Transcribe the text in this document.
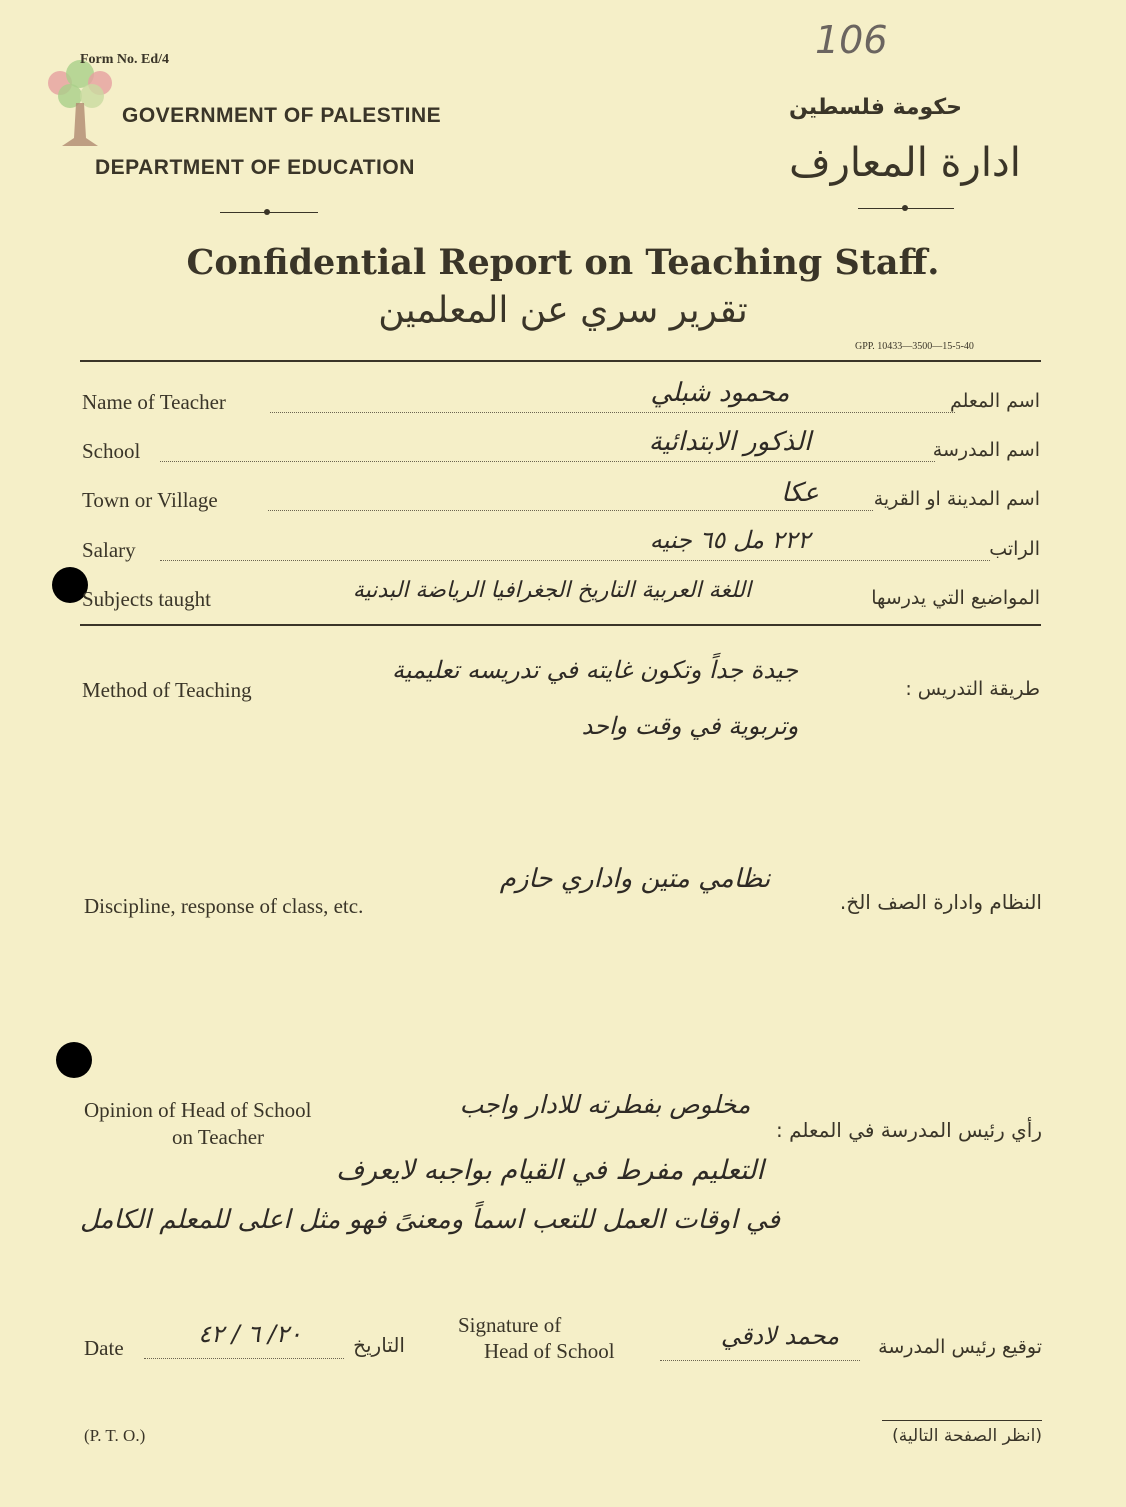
106
Form No. Ed/4
GOVERNMENT OF PALESTINE
DEPARTMENT OF EDUCATION
حكومة فلسطين
ادارة المعارف
Confidential Report on Teaching Staff.
تقرير سري عن المعلمين
GPP. 10433—3500—15-5-40
Name of Teacher	محمود شبلي	اسم المعلم
School	الذكور الابتدائية	اسم المدرسة
Town or Village	عكا	اسم المدينة او القرية
Salary	٢٢٢ مل ٦٥ جنيه	الراتب
Subjects taught	اللغة العربية التاريخ الجغرافيا الرياضة البدنية	المواضيع التي يدرسها
Method of Teaching
جيدة جداً وتكون غايته في تدريسه تعليمية
وتربوية في وقت واحد
طريقة التدريس :
Discipline, response of class, etc.
نظامي متين واداري حازم
النظام وادارة الصف الخ.
Opinion of Head of School
on Teacher
مخلوص بفطرته للادار واجب
رأي رئيس المدرسة في المعلم :
التعليم مفرط في القيام بواجبه لايعرف
في اوقات العمل للتعب اسماً ومعنىً فهو مثل اعلى للمعلم الكامل
Date	٢٠/ ٦ / ٤٢	التاريخ
Signature of
Head of School
محمد لادقي	توقيع رئيس المدرسة
(P. T. O.)	(انظر الصفحة التالية)
